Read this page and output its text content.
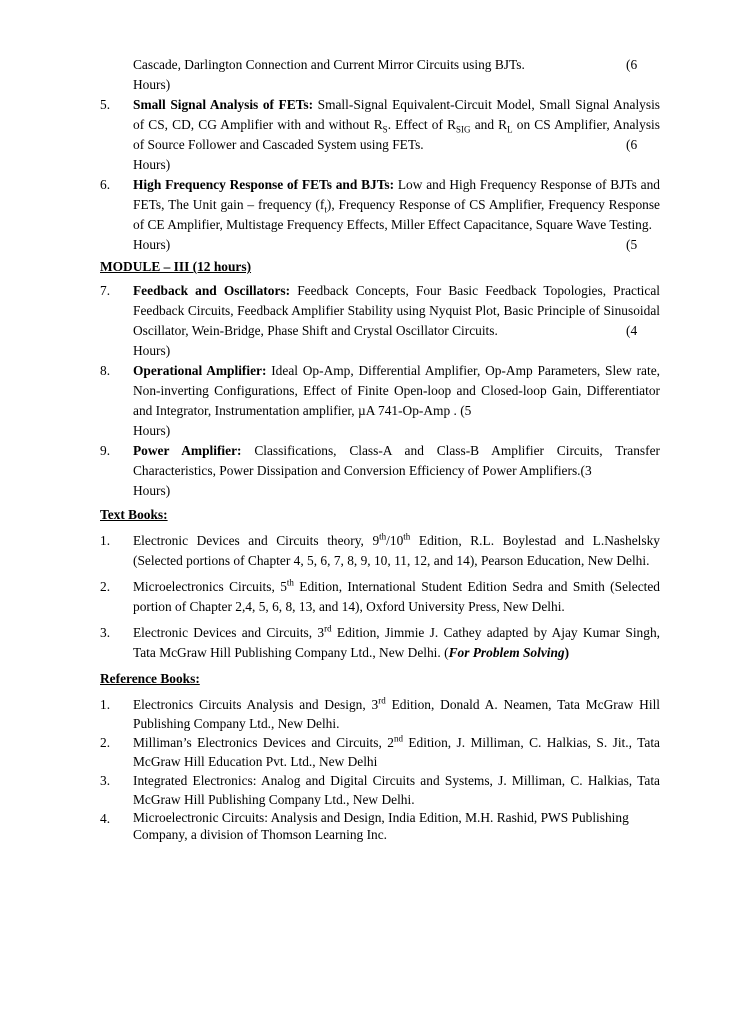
Cascade, Darlington Connection and Current Mirror Circuits using BJTs.	(6
Hours)
5.	Small Signal Analysis of FETs: Small-Signal Equivalent-Circuit Model, Small Signal Analysis of CS, CD, CG Amplifier with and without $R_S$. Effect of $R_{SIG}$ and $R_L$ on CS Amplifier, Analysis of Source Follower and Cascaded System using FETs.	(6
Hours)
6.	High Frequency Response of FETs and BJTs: Low and High Frequency Response of BJTs and FETs, The Unit gain – frequency $(f_t)$, Frequency Response of CS Amplifier, Frequency Response of CE Amplifier, Multistage Frequency Effects, Miller Effect Capacitance, Square Wave Testing.
(5
Hours)
MODULE – III (12 hours)
7.	Feedback and Oscillators: Feedback Concepts, Four Basic Feedback Topologies, Practical Feedback Circuits, Feedback Amplifier Stability using Nyquist Plot, Basic Principle of Sinusoidal Oscillator, Wein-Bridge, Phase Shift and Crystal Oscillator Circuits.	(4
Hours)
8.	Operational Amplifier: Ideal Op-Amp, Differential Amplifier, Op-Amp Parameters, Slew rate, Non-inverting Configurations, Effect of Finite Open-loop and Closed-loop Gain, Differentiator and Integrator, Instrumentation amplifier, µA 741-Op-Amp . (5
Hours)
9.	Power Amplifier: Classifications, Class-A and Class-B Amplifier Circuits, Transfer Characteristics, Power Dissipation and Conversion Efficiency of Power Amplifiers.(3
Hours)
Text Books:
1.	Electronic Devices and Circuits theory, 9th/10th Edition, R.L. Boylestad and L.Nashelsky (Selected portions of Chapter 4, 5, 6, 7, 8, 9, 10, 11, 12, and 14), Pearson Education, New Delhi.
2.	Microelectronics Circuits, 5th Edition, International Student Edition Sedra and Smith (Selected portion of Chapter 2,4, 5, 6, 8, 13, and 14), Oxford University Press, New Delhi.
3.	Electronic Devices and Circuits, 3rd Edition, Jimmie J. Cathey adapted by Ajay Kumar Singh, Tata McGraw Hill Publishing Company Ltd., New Delhi. (For Problem Solving)
Reference Books:
1.	Electronics Circuits Analysis and Design, 3rd Edition, Donald A. Neamen, Tata McGraw Hill Publishing Company Ltd., New Delhi.
2.	Milliman’s Electronics Devices and Circuits, 2nd Edition, J. Milliman, C. Halkias, S. Jit., Tata McGraw Hill Education Pvt. Ltd., New Delhi
3.	Integrated Electronics: Analog and Digital Circuits and Systems, J. Milliman, C. Halkias, Tata McGraw Hill Publishing Company Ltd., New Delhi.
4.	Microelectronic Circuits: Analysis and Design, India Edition, M.H. Rashid, PWS Publishing Company, a division of Thomson Learning Inc.
